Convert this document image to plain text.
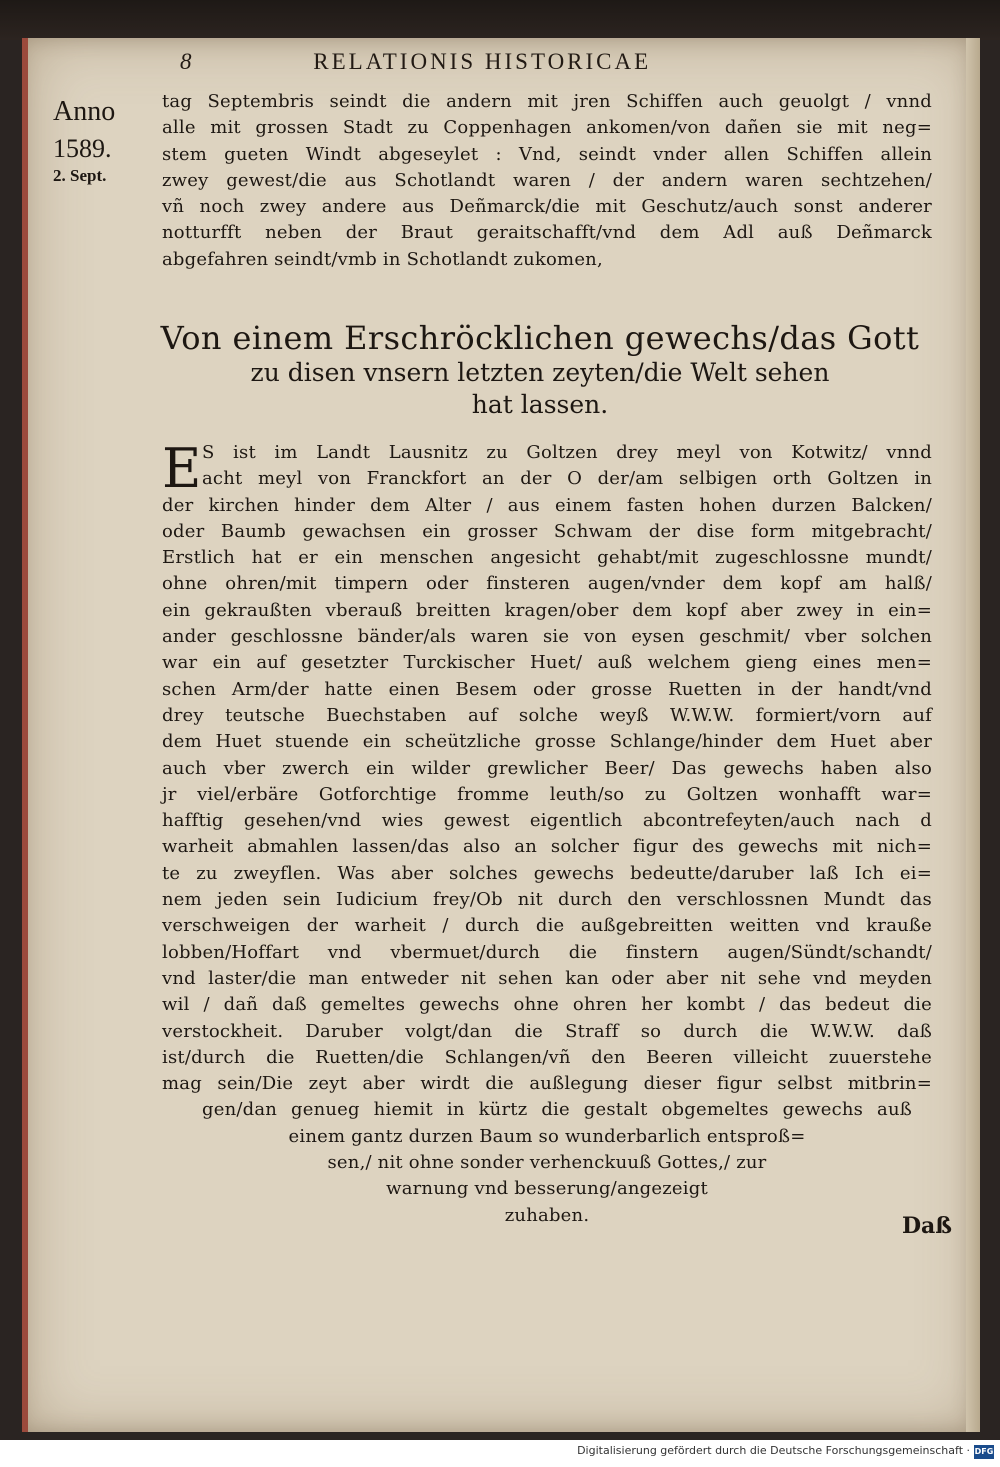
8	RELATIONIS HISTORICAE
Anno
1589.
2. Sept.
tag Septembris seindt die andern mit jren Schiffen auch geuolgt / vnnd
alle mit grossen Stadt zu Coppenhagen ankomen/von dañen sie mit neg=
stem gueten Windt abgeseylet : Vnd, seindt vnder allen Schiffen allein
zwey gewest/die aus Schotlandt waren / der andern waren sechtzehen/
vñ noch zwey andere aus Deñmarck/die mit Geschutz/auch sonst anderer
notturfft neben der Braut geraitschafft/vnd dem Adl auß Deñmarck
abgefahren seindt/vmb in Schotlandt zukomen,
Von einem Erschröcklichen gewechs/das Gott
zu disen vnsern letzten zeyten/die Welt sehen
hat lassen.
E S ist im Landt Lausnitz zu Goltzen drey meyl von Kotwitz/ vnnd
acht meyl von Franckfort an der O der/am selbigen orth Goltzen in
der kirchen hinder dem Alter / aus einem fasten hohen durzen Balcken/
oder Baumb gewachsen ein grosser Schwam der dise form mitgebracht/
Erstlich hat er ein menschen angesicht gehabt/mit zugeschlossne mundt/
ohne ohren/mit timpern oder finsteren augen/vnder dem kopf am halß/
ein gekraußten vberauß breitten kragen/ober dem kopf aber zwey in ein=
ander geschlossne bänder/als waren sie von eysen geschmit/ vber solchen
war ein auf gesetzter Turckischer Huet/ auß welchem gieng eines men=
schen Arm/der hatte einen Besem oder grosse Ruetten in der handt/vnd
drey teutsche Buechstaben auf solche weyß W.W.W. formiert/vorn auf
dem Huet stuende ein scheützliche grosse Schlange/hinder dem Huet aber
auch vber zwerch ein wilder grewlicher Beer/ Das gewechs haben also
jr viel/erbäre Gotforchtige fromme leuth/so zu Goltzen wonhafft war=
hafftig gesehen/vnd wies gewest eigentlich abcontrefeyten/auch nach d
warheit abmahlen lassen/das also an solcher figur des gewechs mit nich=
te zu zweyflen. Was aber solches gewechs bedeutte/daruber laß Ich ei=
nem jeden sein Iudicium frey/Ob nit durch den verschlossnen Mundt das
verschweigen der warheit / durch die außgebreitten weitten vnd krauße
lobben/Hoffart vnd vbermuet/durch die finstern augen/Sündt/schandt/
vnd laster/die man entweder nit sehen kan oder aber nit sehe vnd meyden
wil / dañ daß gemeltes gewechs ohne ohren her kombt / das bedeut die
verstockheit. Daruber volgt/dan die Straff so durch die W.W.W. daß
ist/durch die Ruetten/die Schlangen/vñ den Beeren villeicht zuuerstehe
mag sein/Die zeyt aber wirdt die außlegung dieser figur selbst mitbrin=
gen/dan genueg hiemit in kürtz die gestalt obgemeltes gewechs auß
einem gantz durzen Baum so wunderbarlich entsproß=
sen,/ nit ohne sonder verhenckuuß Gottes,/ zur
warnung vnd besserung/angezeigt
zuhaben.	Daß
Digitalisierung gefördert durch die Deutsche Forschungsgemeinschaft · DFG
